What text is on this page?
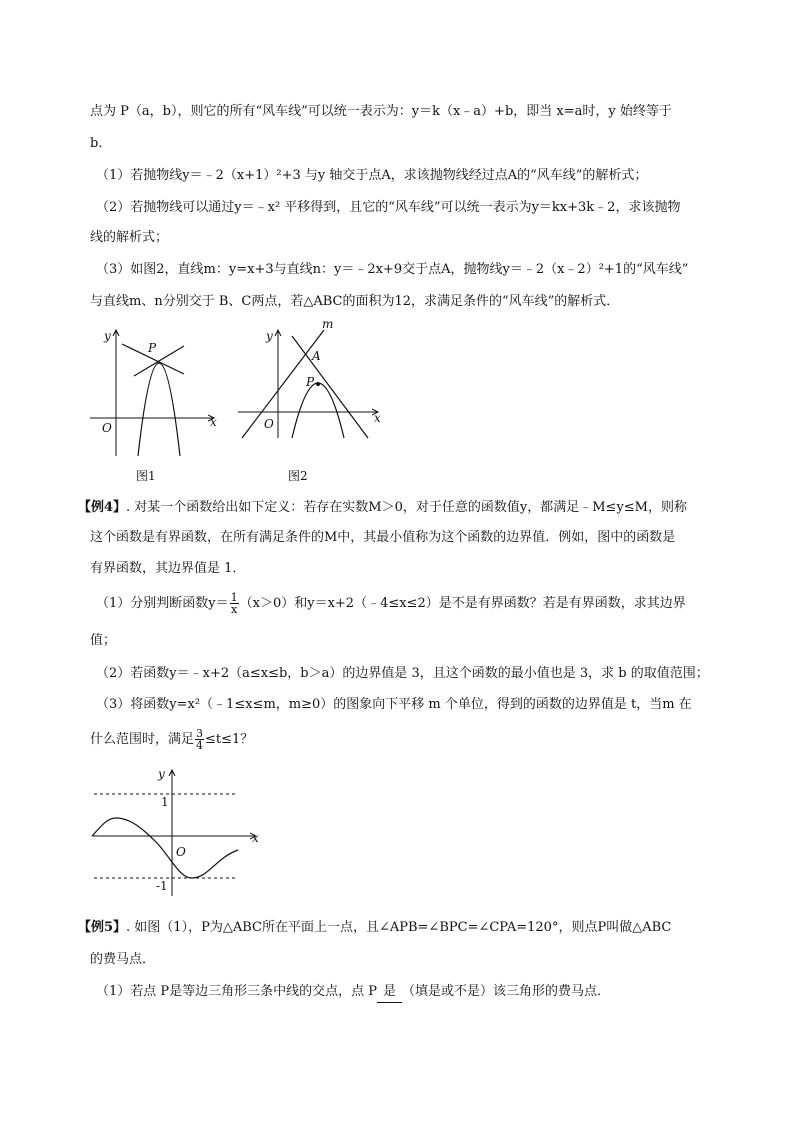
点为 P（a，b），则它的所有“风车线”可以统一表示为：y＝k（x﹣a）+b，即当 x=a时，y 始终等于
b．
（1）若抛物线y＝﹣2（x+1）²+3 与y 轴交于点A，求该抛物线经过点A的“风车线”的解析式；
（2）若抛物线可以通过y＝﹣x² 平移得到，且它的“风车线”可以统一表示为y＝kx+3k﹣2，求该抛物
线的解析式；
（3）如图2，直线m：y=x+3与直线n：y＝﹣2x+9交于点A，抛物线y＝﹣2（x﹣2）²+1的“风车线”
与直线m、n分别交于 B、C两点，若△ABC的面积为12，求满足条件的“风车线”的解析式．
y
x
O
P
图1
y
x
O
P
A
m
图2
【例4】. 对某一个函数给出如下定义：若存在实数M＞0，对于任意的函数值y，都满足﹣M≤y≤M，则称
这个函数是有界函数，在所有满足条件的M中，其最小值称为这个函数的边界值．例如，图中的函数是
有界函数，其边界值是 1．
（1）分别判断函数$y= \frac{1}{x} (x>0)$和y＝x+2（﹣4≤x≤2）是不是有界函数？若是有界函数，求其边界
值；
（2）若函数y＝﹣x+2（a≤x≤b，b＞a）的边界值是 3，且这个函数的最小值也是 3，求 b 的取值范围；
（3）将函数y=x²（﹣1≤x≤m，m≥0）的图象向下平移 m 个单位，得到的函数的边界值是 t，当m 在
什么范围时，满足 $\frac{3}{4} \le t\le 1$？
y
x
O
1
-1
【例5】. 如图（1），P为△ABC所在平面上一点，且∠APB=∠BPC=∠CPA=120°，则点P叫做△ABC
的费马点．
（1）若点 P是等边三角形三条中线的交点，点 P 是 （填是或不是）该三角形的费马点．
